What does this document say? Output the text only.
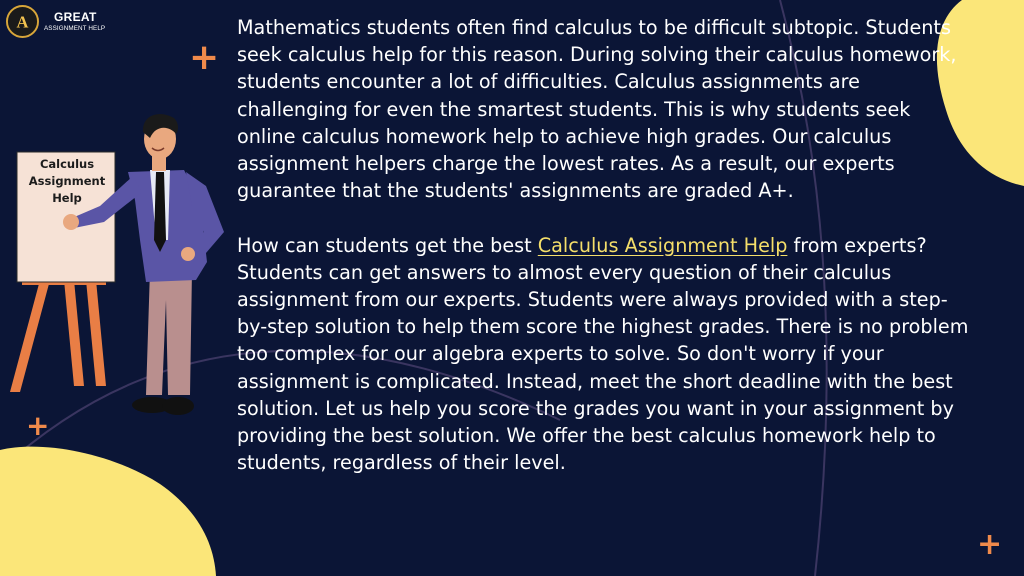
A GREAT
ASSIGNMENT HELP
+
+
+
Calculus
Assignment
Help

Mathematics students often find calculus to be difficult subtopic. Students seek calculus help for this reason. During solving their calculus homework, students encounter a lot of difficulties. Calculus assignments are challenging for even the smartest students. This is why students seek online calculus homework help to achieve high grades. Our calculus assignment helpers charge the lowest rates. As a result, our experts guarantee that the students' assignments are graded A+.

How can students get the best Calculus Assignment Help from experts? Students can get answers to almost every question of their calculus assignment from our experts. Students were always provided with a step-by-step solution to help them score the highest grades. There is no problem too complex for our algebra experts to solve. So don't worry if your assignment is complicated. Instead, meet the short deadline with the best solution. Let us help you score the grades you want in your assignment by providing the best solution. We offer the best calculus homework help to students, regardless of their level.
